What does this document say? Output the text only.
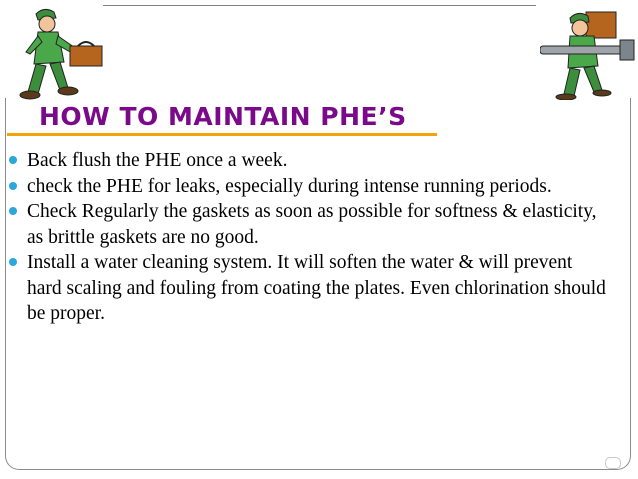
HOW TO MAINTAIN PHE’S
Back flush the PHE once a week.
check the PHE for leaks, especially during intense running periods.
Check Regularly the gaskets as soon as possible for softness & elasticity, as brittle gaskets are no good.
Install a water cleaning system. It will soften the water & will prevent hard scaling and fouling from coating the plates. Even chlorination should be proper.
